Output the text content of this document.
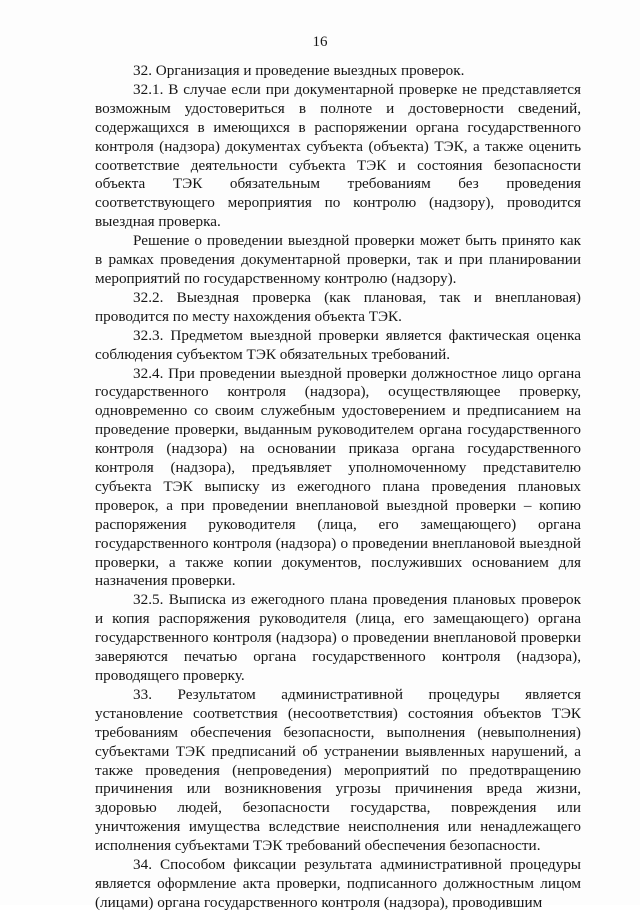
16

32. Организация и проведение выездных проверок.

32.1. В случае если при документарной проверке не представляется возможным удостовериться в полноте и достоверности сведений, содержащихся в имеющихся в распоряжении органа государственного контроля (надзора) документах субъекта (объекта) ТЭК, а также оценить соответствие деятельности субъекта ТЭК и состояния безопасности объекта ТЭК обязательным требованиям без проведения соответствующего мероприятия по контролю (надзору), проводится выездная проверка.

Решение о проведении выездной проверки может быть принято как в рамках проведения документарной проверки, так и при планировании мероприятий по государственному контролю (надзору).

32.2. Выездная проверка (как плановая, так и внеплановая) проводится по месту нахождения объекта ТЭК.

32.3. Предметом выездной проверки является фактическая оценка соблюдения субъектом ТЭК обязательных требований.

32.4. При проведении выездной проверки должностное лицо органа государственного контроля (надзора), осуществляющее проверку, одновременно со своим служебным удостоверением и предписанием на проведение проверки, выданным руководителем органа государственного контроля (надзора) на основании приказа органа государственного контроля (надзора), предъявляет уполномоченному представителю субъекта ТЭК выписку из ежегодного плана проведения плановых проверок, а при проведении внеплановой выездной проверки – копию распоряжения руководителя (лица, его замещающего) органа государственного контроля (надзора) о проведении внеплановой выездной проверки, а также копии документов, послуживших основанием для назначения проверки.

32.5. Выписка из ежегодного плана проведения плановых проверок и копия распоряжения руководителя (лица, его замещающего) органа государственного контроля (надзора) о проведении внеплановой проверки заверяются печатью органа государственного контроля (надзора), проводящего проверку.

33. Результатом административной процедуры является установление соответствия (несоответствия) состояния объектов ТЭК требованиям обеспечения безопасности, выполнения (невыполнения) субъектами ТЭК предписаний об устранении выявленных нарушений, а также проведения (непроведения) мероприятий по предотвращению причинения или возникновения угрозы причинения вреда жизни, здоровью людей, безопасности государства, повреждения или уничтожения имущества вследствие неисполнения или ненадлежащего исполнения субъектами ТЭК требований обеспечения безопасности.

34. Способом фиксации результата административной процедуры является оформление акта проверки, подписанного должностным лицом (лицами) органа государственного контроля (надзора), проводившим
